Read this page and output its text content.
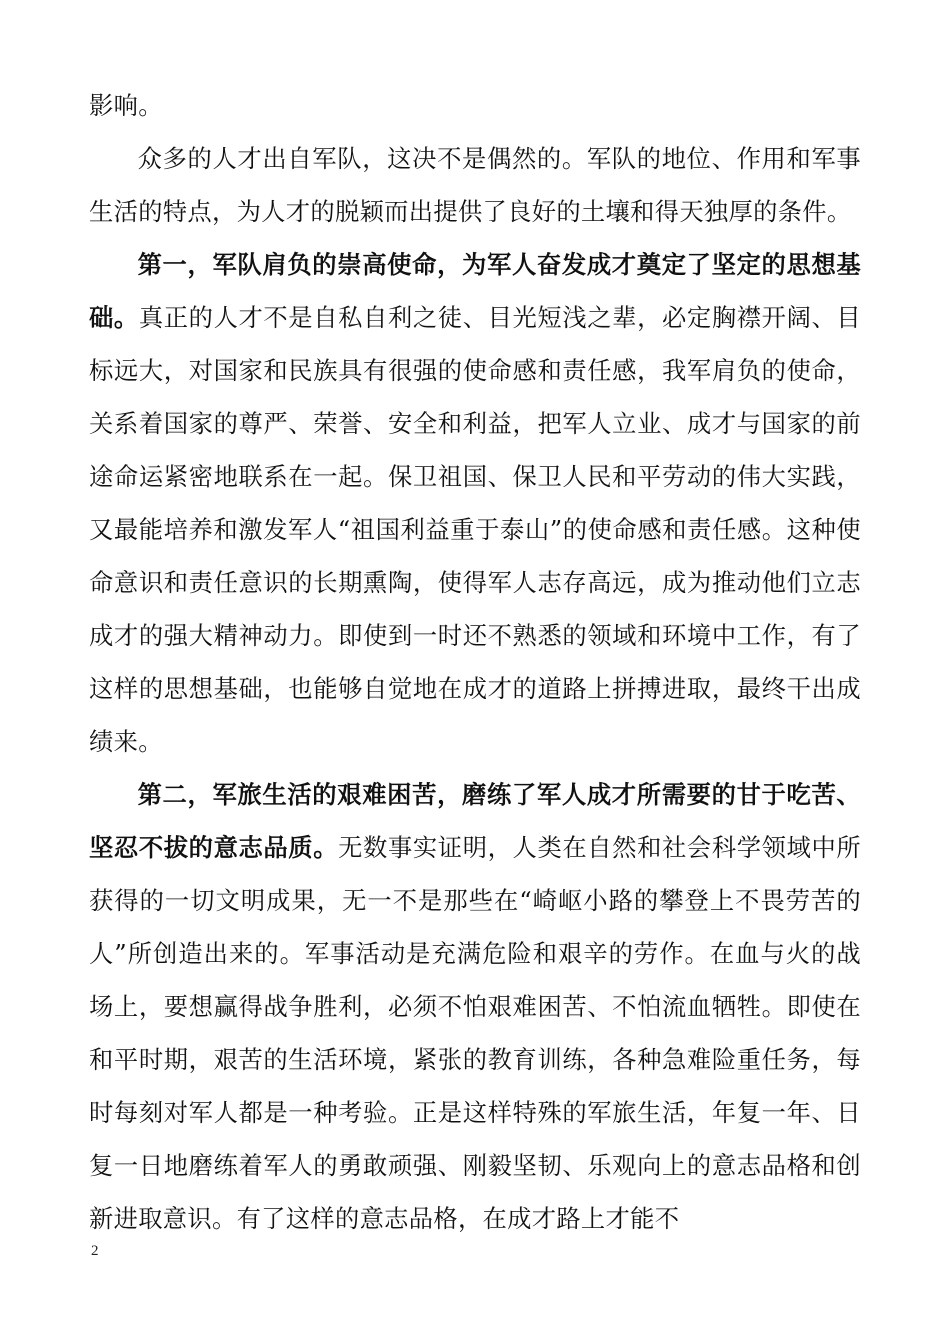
影响。

众多的人才出自军队，这决不是偶然的。军队的地位、作用和军事生活的特点，为人才的脱颖而出提供了良好的土壤和得天独厚的条件。

第一，军队肩负的崇高使命，为军人奋发成才奠定了坚定的思想基础。真正的人才不是自私自利之徒、目光短浅之辈，必定胸襟开阔、目标远大，对国家和民族具有很强的使命感和责任感，我军肩负的使命，关系着国家的尊严、荣誉、安全和利益，把军人立业、成才与国家的前途命运紧密地联系在一起。保卫祖国、保卫人民和平劳动的伟大实践，又最能培养和激发军人“祖国利益重于泰山”的使命感和责任感。这种使命意识和责任意识的长期熏陶，使得军人志存高远，成为推动他们立志成才的强大精神动力。即使到一时还不熟悉的领域和环境中工作，有了这样的思想基础，也能够自觉地在成才的道路上拼搏进取，最终干出成绩来。

第二，军旅生活的艰难困苦，磨练了军人成才所需要的甘于吃苦、坚忍不拔的意志品质。无数事实证明，人类在自然和社会科学领域中所获得的一切文明成果，无一不是那些在“崎岖小路的攀登上不畏劳苦的人”所创造出来的。军事活动是充满危险和艰辛的劳作。在血与火的战场上，要想赢得战争胜利，必须不怕艰难困苦、不怕流血牺牲。即使在和平时期，艰苦的生活环境，紧张的教育训练，各种急难险重任务，每时每刻对军人都是一种考验。正是这样特殊的军旅生活，年复一年、日复一日地磨练着军人的勇敢顽强、刚毅坚韧、乐观向上的意志品格和创新进取意识。有了这样的意志品格，在成才路上才能不

2
